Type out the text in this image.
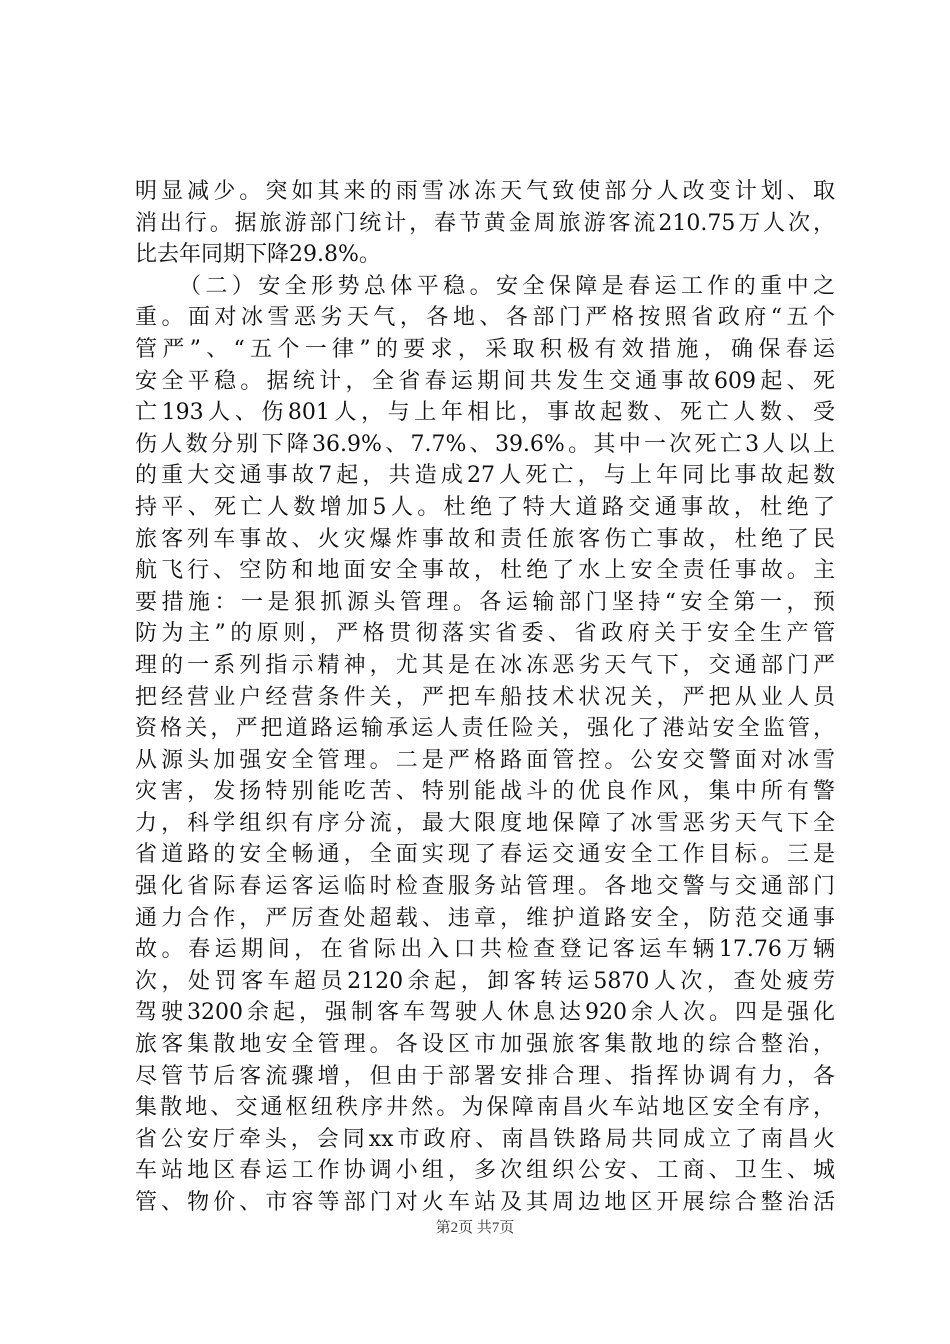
明显减少。突如其来的雨雪冰冻天气致使部分人改变计划、取
消出行。据旅游部门统计，春节黄金周旅游客流210.75万人次，
比去年同期下降29.8%。
（二）安全形势总体平稳。安全保障是春运工作的重中之
重。面对冰雪恶劣天气，各地、各部门严格按照省政府“五个
管严”、“五个一律”的要求，采取积极有效措施，确保春运
安全平稳。据统计，全省春运期间共发生交通事故609起、死
亡193人、伤801人，与上年相比，事故起数、死亡人数、受
伤人数分别下降36.9%、7.7%、39.6%。其中一次死亡3人以上
的重大交通事故7起，共造成27人死亡，与上年同比事故起数
持平、死亡人数增加5人。杜绝了特大道路交通事故，杜绝了
旅客列车事故、火灾爆炸事故和责任旅客伤亡事故，杜绝了民
航飞行、空防和地面安全事故，杜绝了水上安全责任事故。主
要措施：一是狠抓源头管理。各运输部门坚持“安全第一，预
防为主”的原则，严格贯彻落实省委、省政府关于安全生产管
理的一系列指示精神，尤其是在冰冻恶劣天气下，交通部门严
把经营业户经营条件关，严把车船技术状况关，严把从业人员
资格关，严把道路运输承运人责任险关，强化了港站安全监管，
从源头加强安全管理。二是严格路面管控。公安交警面对冰雪
灾害，发扬特别能吃苦、特别能战斗的优良作风，集中所有警
力，科学组织有序分流，最大限度地保障了冰雪恶劣天气下全
省道路的安全畅通，全面实现了春运交通安全工作目标。三是
强化省际春运客运临时检查服务站管理。各地交警与交通部门
通力合作，严厉查处超载、违章，维护道路安全，防范交通事
故。春运期间，在省际出入口共检查登记客运车辆17.76万辆
次，处罚客车超员2120余起，卸客转运5870人次，查处疲劳
驾驶3200余起，强制客车驾驶人休息达920余人次。四是强化
旅客集散地安全管理。各设区市加强旅客集散地的综合整治，
尽管节后客流骤增，但由于部署安排合理、指挥协调有力，各
集散地、交通枢纽秩序井然。为保障南昌火车站地区安全有序，
省公安厅牵头，会同xx市政府、南昌铁路局共同成立了南昌火
车站地区春运工作协调小组，多次组织公安、工商、卫生、城
管、物价、市容等部门对火车站及其周边地区开展综合整治活
第2页 共7页
